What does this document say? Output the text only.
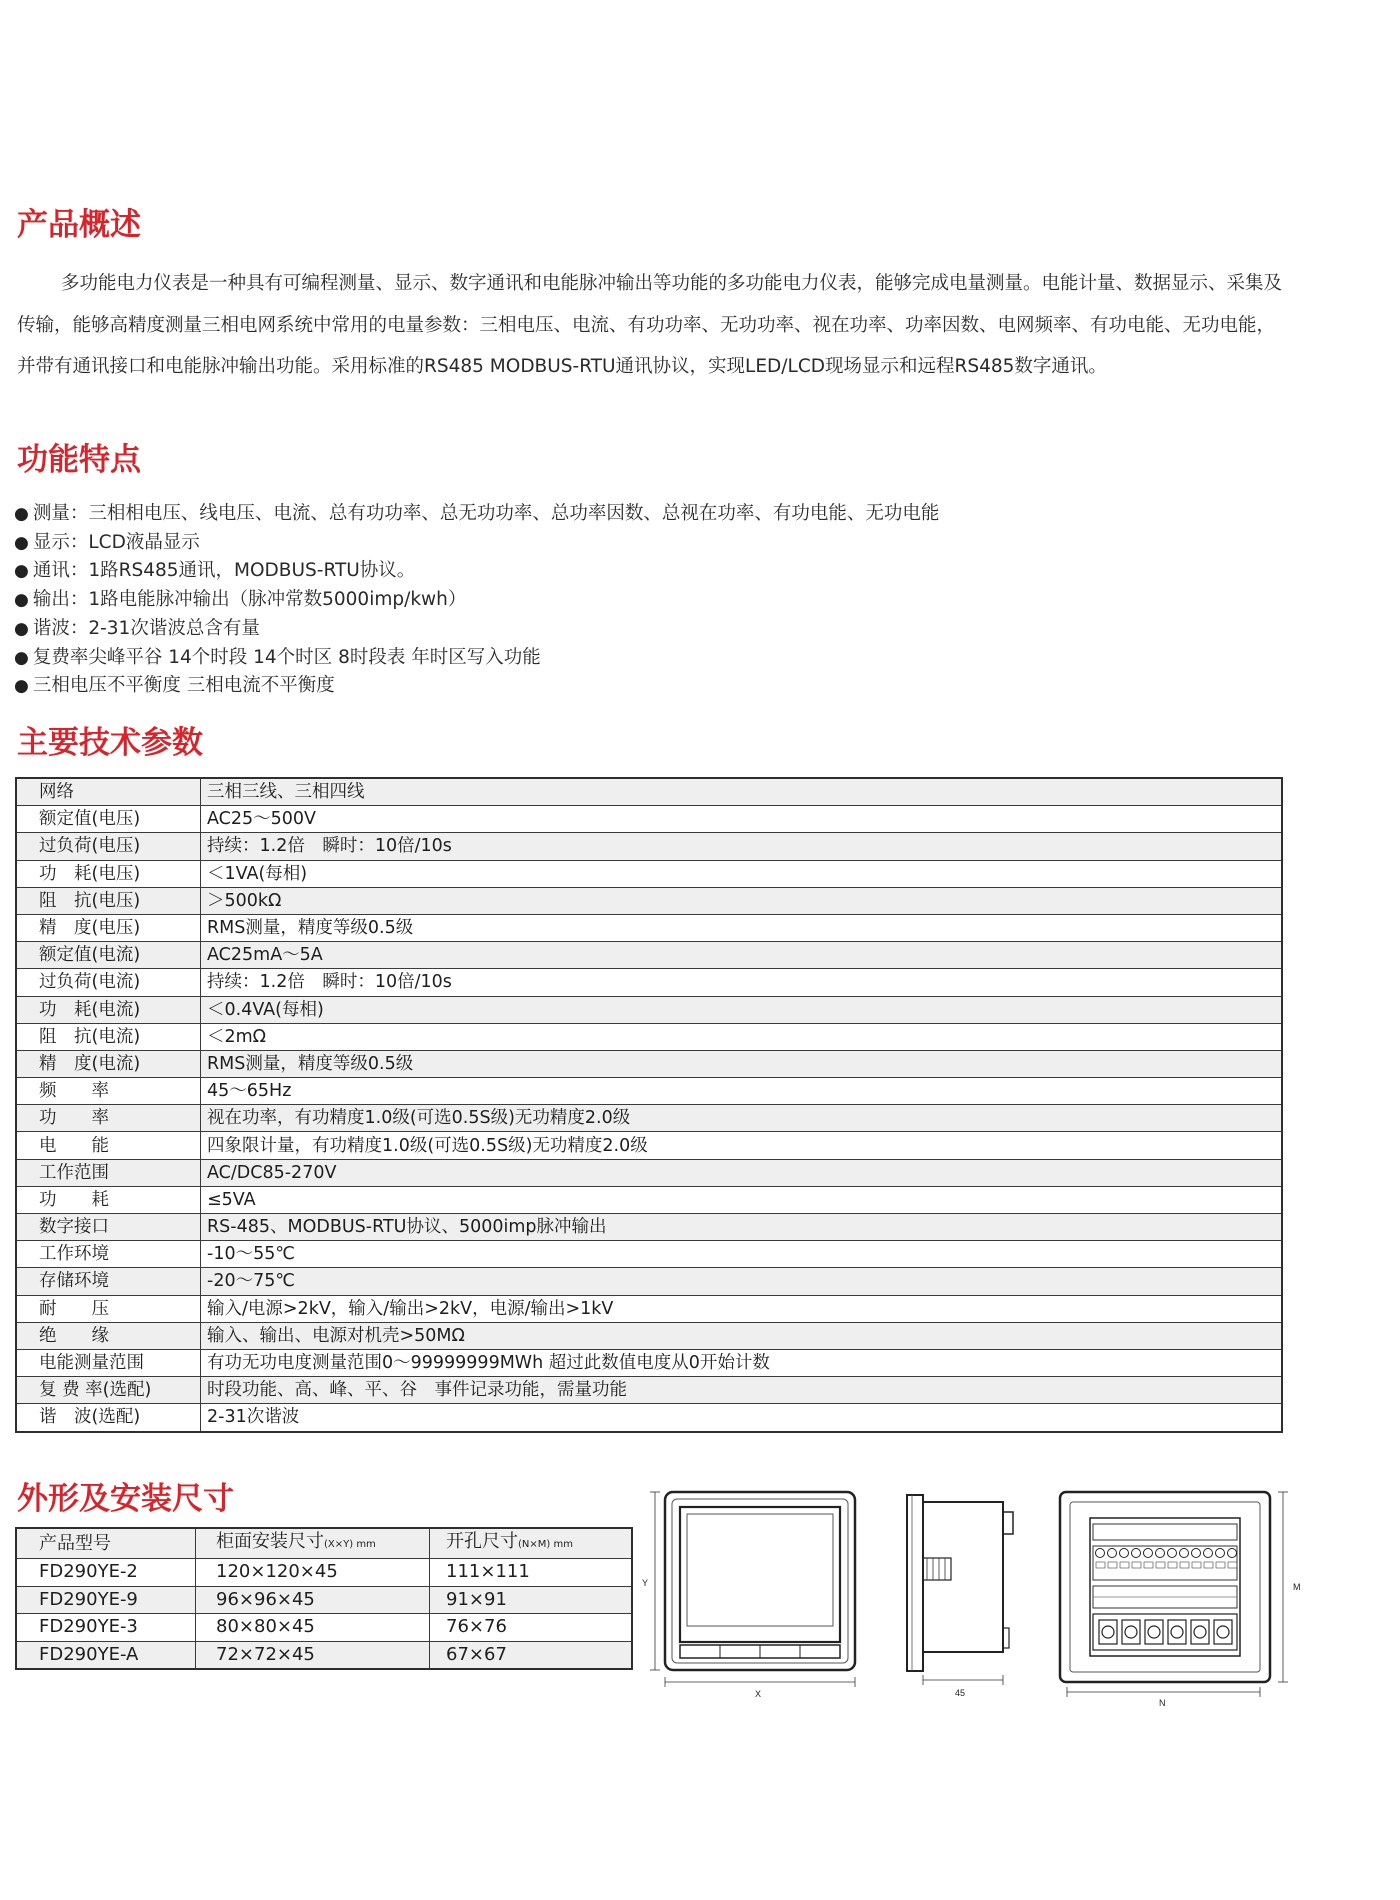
产品概述

多功能电力仪表是一种具有可编程测量、显示、数字通讯和电能脉冲输出等功能的多功能电力仪表，能够完成电量测量。电能计量、数据显示、采集及传输，能够高精度测量三相电网系统中常用的电量参数：三相电压、电流、有功功率、无功功率、视在功率、功率因数、电网频率、有功电能、无功电能，并带有通讯接口和电能脉冲输出功能。采用标准的RS485 MODBUS-RTU通讯协议，实现LED/LCD现场显示和远程RS485数字通讯。

功能特点
● 测量：三相相电压、线电压、电流、总有功功率、总无功功率、总功率因数、总视在功率、有功电能、无功电能
● 显示：LCD液晶显示
● 通讯：1路RS485通讯，MODBUS-RTU协议。
● 输出：1路电能脉冲输出（脉冲常数5000imp/kwh）
● 谐波：2-31次谐波总含有量
● 复费率尖峰平谷 14个时段 14个时区 8时段表 年时区写入功能
● 三相电压不平衡度 三相电流不平衡度
主要技术参数
网络	三相三线、三相四线
额定值(电压)	AC25～500V
过负荷(电压)	持续：1.2倍　瞬时：10倍/10s
功　耗(电压)	＜1VA(每相)
阻　抗(电压)	＞500kΩ
精　度(电压)	RMS测量，精度等级0.5级
额定值(电流)	AC25mA～5A
过负荷(电流)	持续：1.2倍　瞬时：10倍/10s
功　耗(电流)	＜0.4VA(每相)
阻　抗(电流)	＜2mΩ
精　度(电流)	RMS测量，精度等级0.5级
频　　率	45～65Hz
功　　率	视在功率，有功精度1.0级(可选0.5S级)无功精度2.0级
电　　能	四象限计量，有功精度1.0级(可选0.5S级)无功精度2.0级
工作范围	AC/DC85-270V
功　　耗	≤5VA
数字接口	RS-485、MODBUS-RTU协议、5000imp脉冲输出
工作环境	-10～55℃
存储环境	-20～75℃
耐　　压	输入/电源>2kV，输入/输出>2kV，电源/输出>1kV
绝　　缘	输入、输出、电源对机壳>50MΩ
电能测量范围	有功无功电度测量范围0～99999999MWh 超过此数值电度从0开始计数
复 费 率(选配)	时段功能、高、峰、平、谷　事件记录功能，需量功能
谐　波(选配)	2-31次谐波
外形及安装尺寸
产品型号	柜面安装尺寸(X×Y) mm	开孔尺寸(N×M) mm
FD290YE-2	120×120×45	111×111
FD290YE-9	96×96×45	91×91
FD290YE-3	80×80×45	76×76
FD290YE-A	72×72×45	67×67
Y
X	45
M
N
